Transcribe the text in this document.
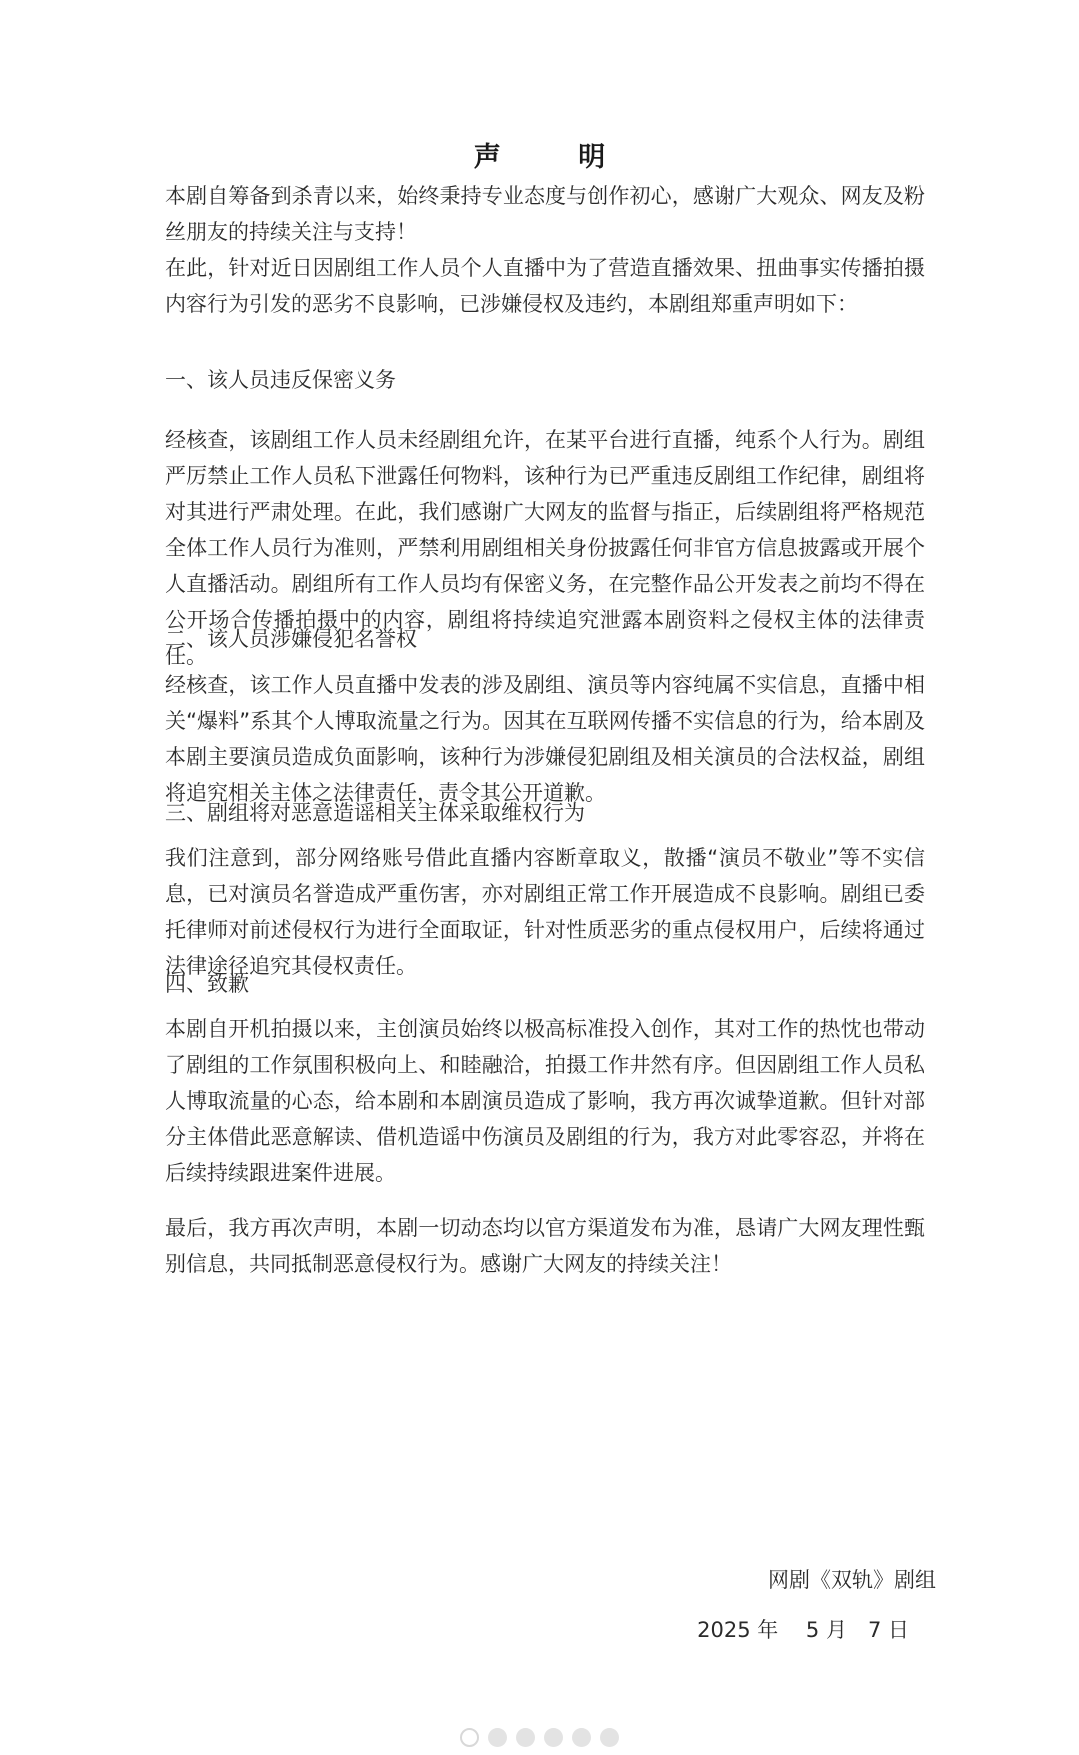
声 明
本剧自筹备到杀青以来，始终秉持专业态度与创作初心，感谢广大观众、网友及粉丝朋友的持续关注与支持！
在此，针对近日因剧组工作人员个人直播中为了营造直播效果、扭曲事实传播拍摄内容行为引发的恶劣不良影响，已涉嫌侵权及违约，本剧组郑重声明如下：
一、该人员违反保密义务
经核查，该剧组工作人员未经剧组允许，在某平台进行直播，纯系个人行为。剧组严厉禁止工作人员私下泄露任何物料，该种行为已严重违反剧组工作纪律，剧组将对其进行严肃处理。在此，我们感谢广大网友的监督与指正，后续剧组将严格规范全体工作人员行为准则，严禁利用剧组相关身份披露任何非官方信息披露或开展个人直播活动。剧组所有工作人员均有保密义务，在完整作品公开发表之前均不得在公开场合传播拍摄中的内容，剧组将持续追究泄露本剧资料之侵权主体的法律责任。
二、该人员涉嫌侵犯名誉权
经核查，该工作人员直播中发表的涉及剧组、演员等内容纯属不实信息，直播中相关“爆料”系其个人博取流量之行为。因其在互联网传播不实信息的行为，给本剧及本剧主要演员造成负面影响，该种行为涉嫌侵犯剧组及相关演员的合法权益，剧组将追究相关主体之法律责任，责令其公开道歉。
三、剧组将对恶意造谣相关主体采取维权行为
我们注意到，部分网络账号借此直播内容断章取义，散播“演员不敬业”等不实信息，已对演员名誉造成严重伤害，亦对剧组正常工作开展造成不良影响。剧组已委托律师对前述侵权行为进行全面取证，针对性质恶劣的重点侵权用户，后续将通过法律途径追究其侵权责任。
四、致歉
本剧自开机拍摄以来，主创演员始终以极高标准投入创作，其对工作的热忱也带动了剧组的工作氛围积极向上、和睦融洽，拍摄工作井然有序。但因剧组工作人员私人博取流量的心态，给本剧和本剧演员造成了影响，我方再次诚挚道歉。但针对部分主体借此恶意解读、借机造谣中伤演员及剧组的行为，我方对此零容忍，并将在后续持续跟进案件进展。
最后，我方再次声明，本剧一切动态均以官方渠道发布为准，恳请广大网友理性甄别信息，共同抵制恶意侵权行为。感谢广大网友的持续关注！
网剧《双轨》剧组
2025 年　 5 月　7 日
